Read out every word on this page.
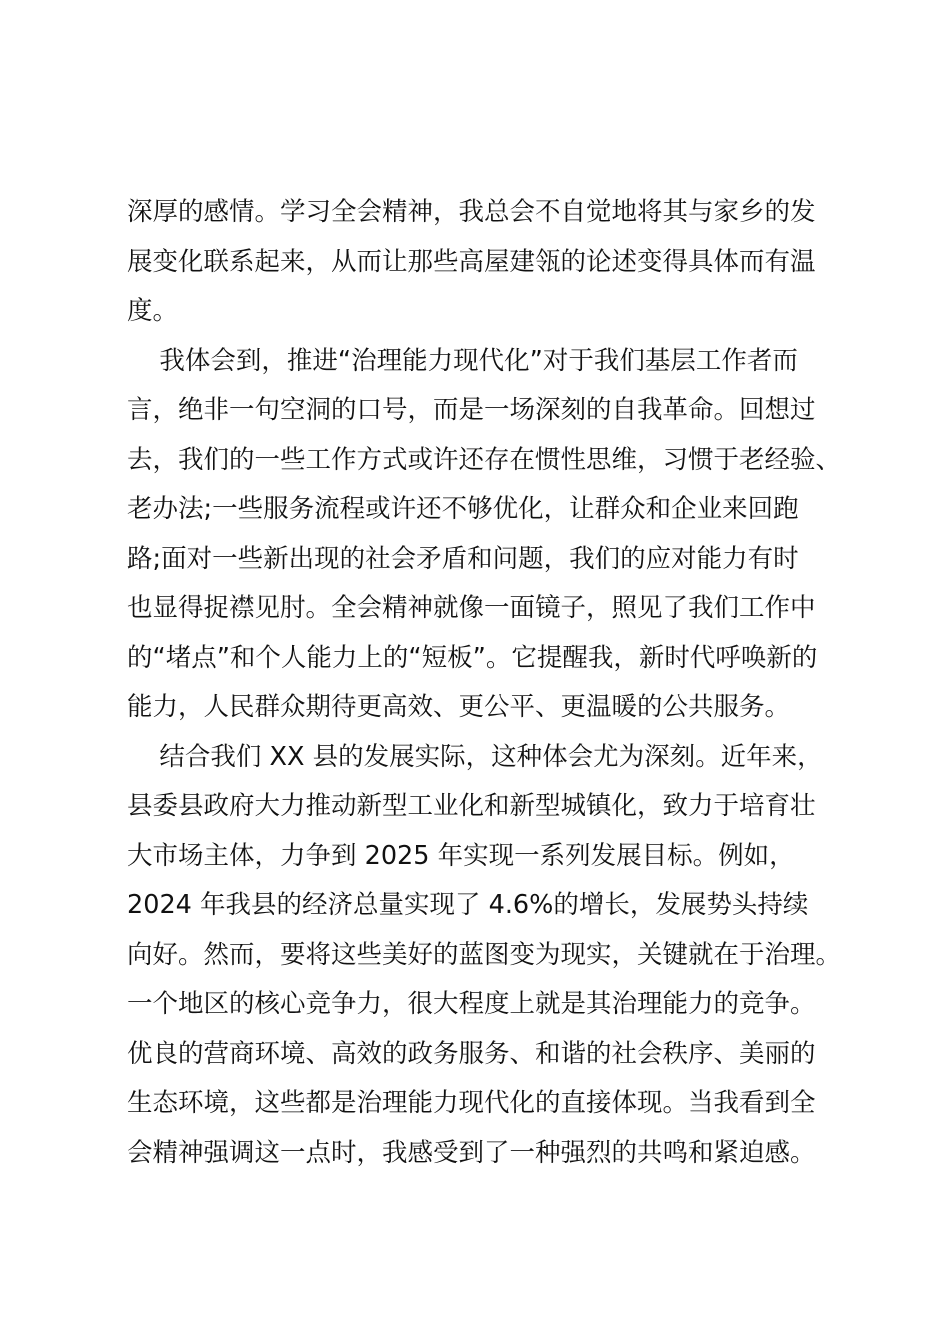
深厚的感情。学习全会精神，我总会不自觉地将其与家乡的发
展变化联系起来，从而让那些高屋建瓴的论述变得具体而有温
度。
我体会到，推进“治理能力现代化”对于我们基层工作者而
言，绝非一句空洞的口号，而是一场深刻的自我革命。回想过
去，我们的一些工作方式或许还存在惯性思维，习惯于老经验、
老办法;一些服务流程或许还不够优化，让群众和企业来回跑
路;面对一些新出现的社会矛盾和问题，我们的应对能力有时
也显得捉襟见肘。全会精神就像一面镜子，照见了我们工作中
的“堵点”和个人能力上的“短板”。它提醒我，新时代呼唤新的
能力，人民群众期待更高效、更公平、更温暖的公共服务。
结合我们 XX 县的发展实际，这种体会尤为深刻。近年来，
县委县政府大力推动新型工业化和新型城镇化，致力于培育壮
大市场主体，力争到 2025 年实现一系列发展目标。例如，
2024 年我县的经济总量实现了 4.6%的增长，发展势头持续
向好。然而，要将这些美好的蓝图变为现实，关键就在于治理。
一个地区的核心竞争力，很大程度上就是其治理能力的竞争。
优良的营商环境、高效的政务服务、和谐的社会秩序、美丽的
生态环境，这些都是治理能力现代化的直接体现。当我看到全
会精神强调这一点时，我感受到了一种强烈的共鸣和紧迫感。
